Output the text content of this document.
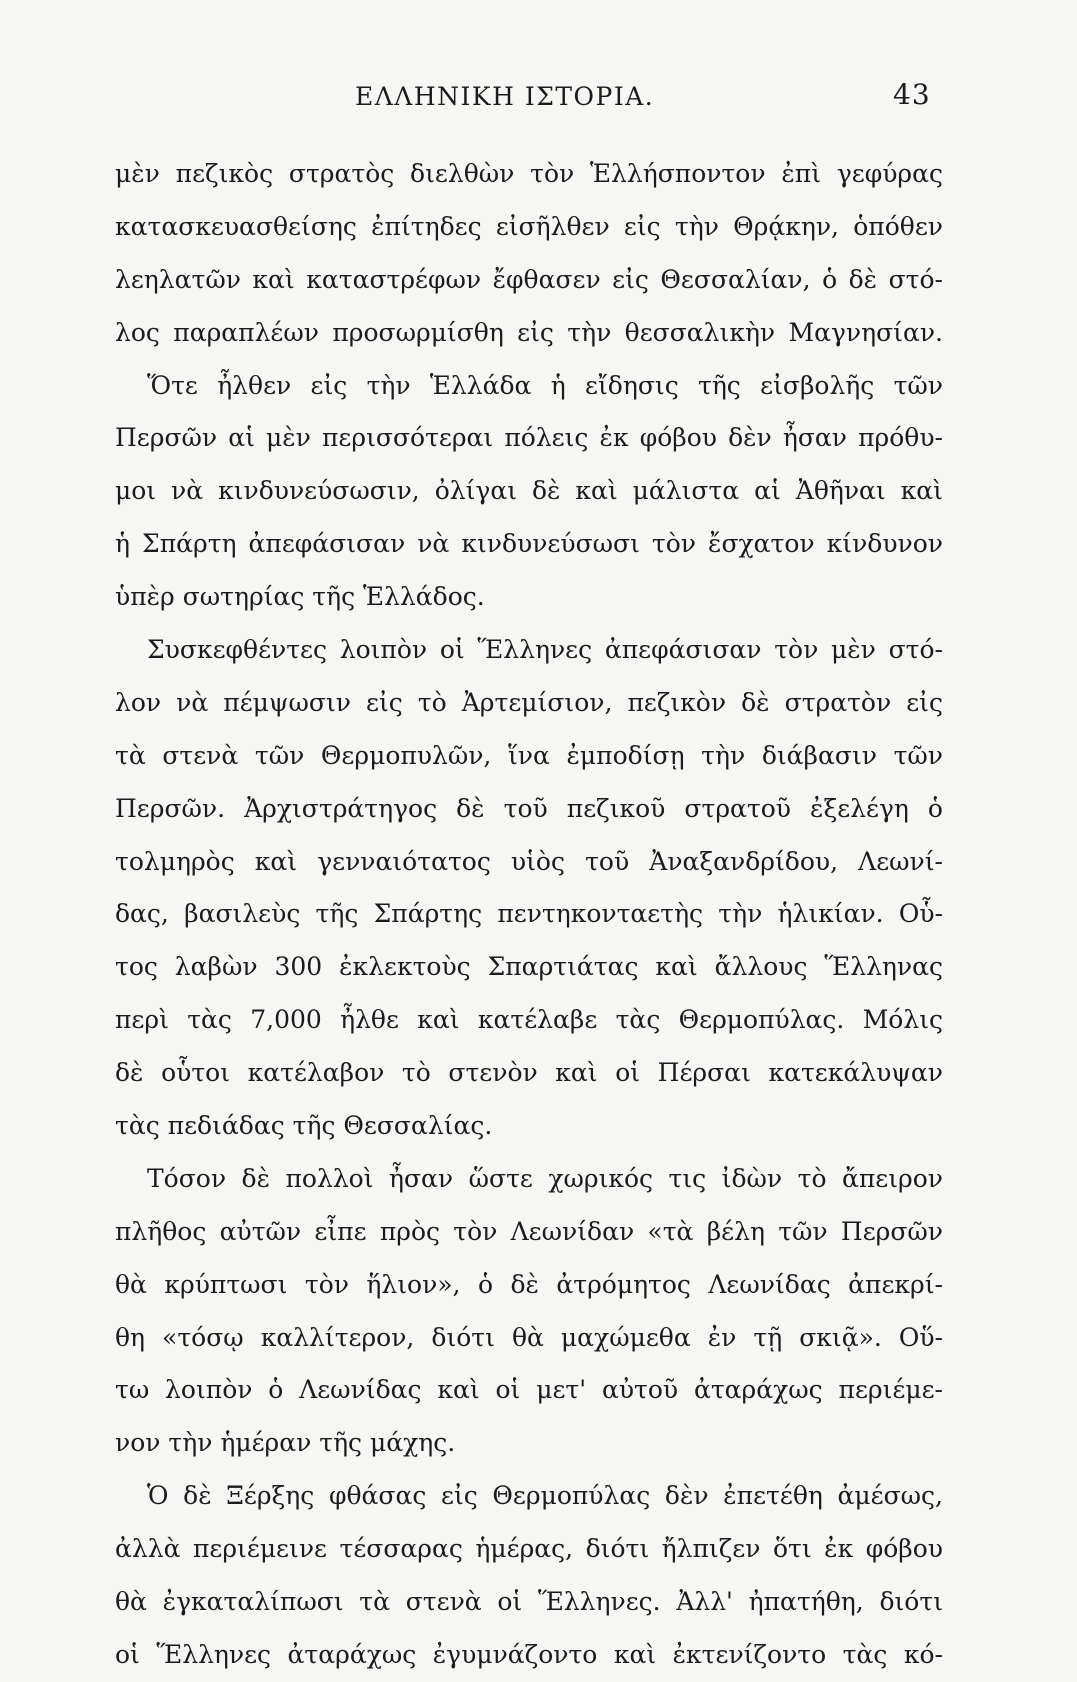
ΕΛΛΗΝΙΚΗ ΙΣΤΟΡΙΑ.	43
μὲν πεζικὸς στρατὸς διελθὼν τὸν Ἑλλήσποντον ἐπὶ γεφύρας
κατασκευασθείσης ἐπίτηδες εἰσῆλθεν εἰς τὴν Θρᾴκην, ὁπόθεν
λεηλατῶν καὶ καταστρέφων ἔφθασεν εἰς Θεσσαλίαν, ὁ δὲ στό-
λος παραπλέων προσωρμίσθη εἰς τὴν θεσσαλικὴν Μαγνησίαν.
Ὅτε ἦλθεν εἰς τὴν Ἑλλάδα ἡ εἴδησις τῆς εἰσβολῆς τῶν
Περσῶν αἱ μὲν περισσότεραι πόλεις ἐκ φόβου δὲν ἦσαν πρόθυ-
μοι νὰ κινδυνεύσωσιν, ὀλίγαι δὲ καὶ μάλιστα αἱ Ἀθῆναι καὶ
ἡ Σπάρτη ἀπεφάσισαν νὰ κινδυνεύσωσι τὸν ἔσχατον κίνδυνον
ὑπὲρ σωτηρίας τῆς Ἑλλάδος.
Συσκεφθέντες λοιπὸν οἱ Ἕλληνες ἀπεφάσισαν τὸν μὲν στό-
λον νὰ πέμψωσιν εἰς τὸ Ἀρτεμίσιον, πεζικὸν δὲ στρατὸν εἰς
τὰ στενὰ τῶν Θερμοπυλῶν, ἵνα ἐμποδίσῃ τὴν διάβασιν τῶν
Περσῶν. Ἀρχιστράτηγος δὲ τοῦ πεζικοῦ στρατοῦ ἐξελέγη ὁ
τολμηρὸς καὶ γενναιότατος υἱὸς τοῦ Ἀναξανδρίδου, Λεωνί-
δας, βασιλεὺς τῆς Σπάρτης πεντηκονταετὴς τὴν ἡλικίαν. Οὗ-
τος λαβὼν 300 ἐκλεκτοὺς Σπαρτιάτας καὶ ἄλλους Ἕλληνας
περὶ τὰς 7,000 ἦλθε καὶ κατέλαβε τὰς Θερμοπύλας. Μόλις
δὲ οὗτοι κατέλαβον τὸ στενὸν καὶ οἱ Πέρσαι κατεκάλυψαν
τὰς πεδιάδας τῆς Θεσσαλίας.
Τόσον δὲ πολλοὶ ἦσαν ὥστε χωρικός τις ἰδὼν τὸ ἄπειρον
πλῆθος αὐτῶν εἶπε πρὸς τὸν Λεωνίδαν «τὰ βέλη τῶν Περσῶν
θὰ κρύπτωσι τὸν ἥλιον», ὁ δὲ ἀτρόμητος Λεωνίδας ἀπεκρί-
θη «τόσῳ καλλίτερον, διότι θὰ μαχώμεθα ἐν τῇ σκιᾷ». Οὕ-
τω λοιπὸν ὁ Λεωνίδας καὶ οἱ μετ' αὐτοῦ ἀταράχως περιέμε-
νον τὴν ἡμέραν τῆς μάχης.
Ὁ δὲ Ξέρξης φθάσας εἰς Θερμοπύλας δὲν ἐπετέθη ἀμέσως,
ἀλλὰ περιέμεινε τέσσαρας ἡμέρας, διότι ἤλπιζεν ὅτι ἐκ φόβου
θὰ ἐγκαταλίπωσι τὰ στενὰ οἱ Ἕλληνες. Ἀλλ' ἠπατήθη, διότι
οἱ Ἕλληνες ἀταράχως ἐγυμνάζοντο καὶ ἐκτενίζοντο τὰς κό-
